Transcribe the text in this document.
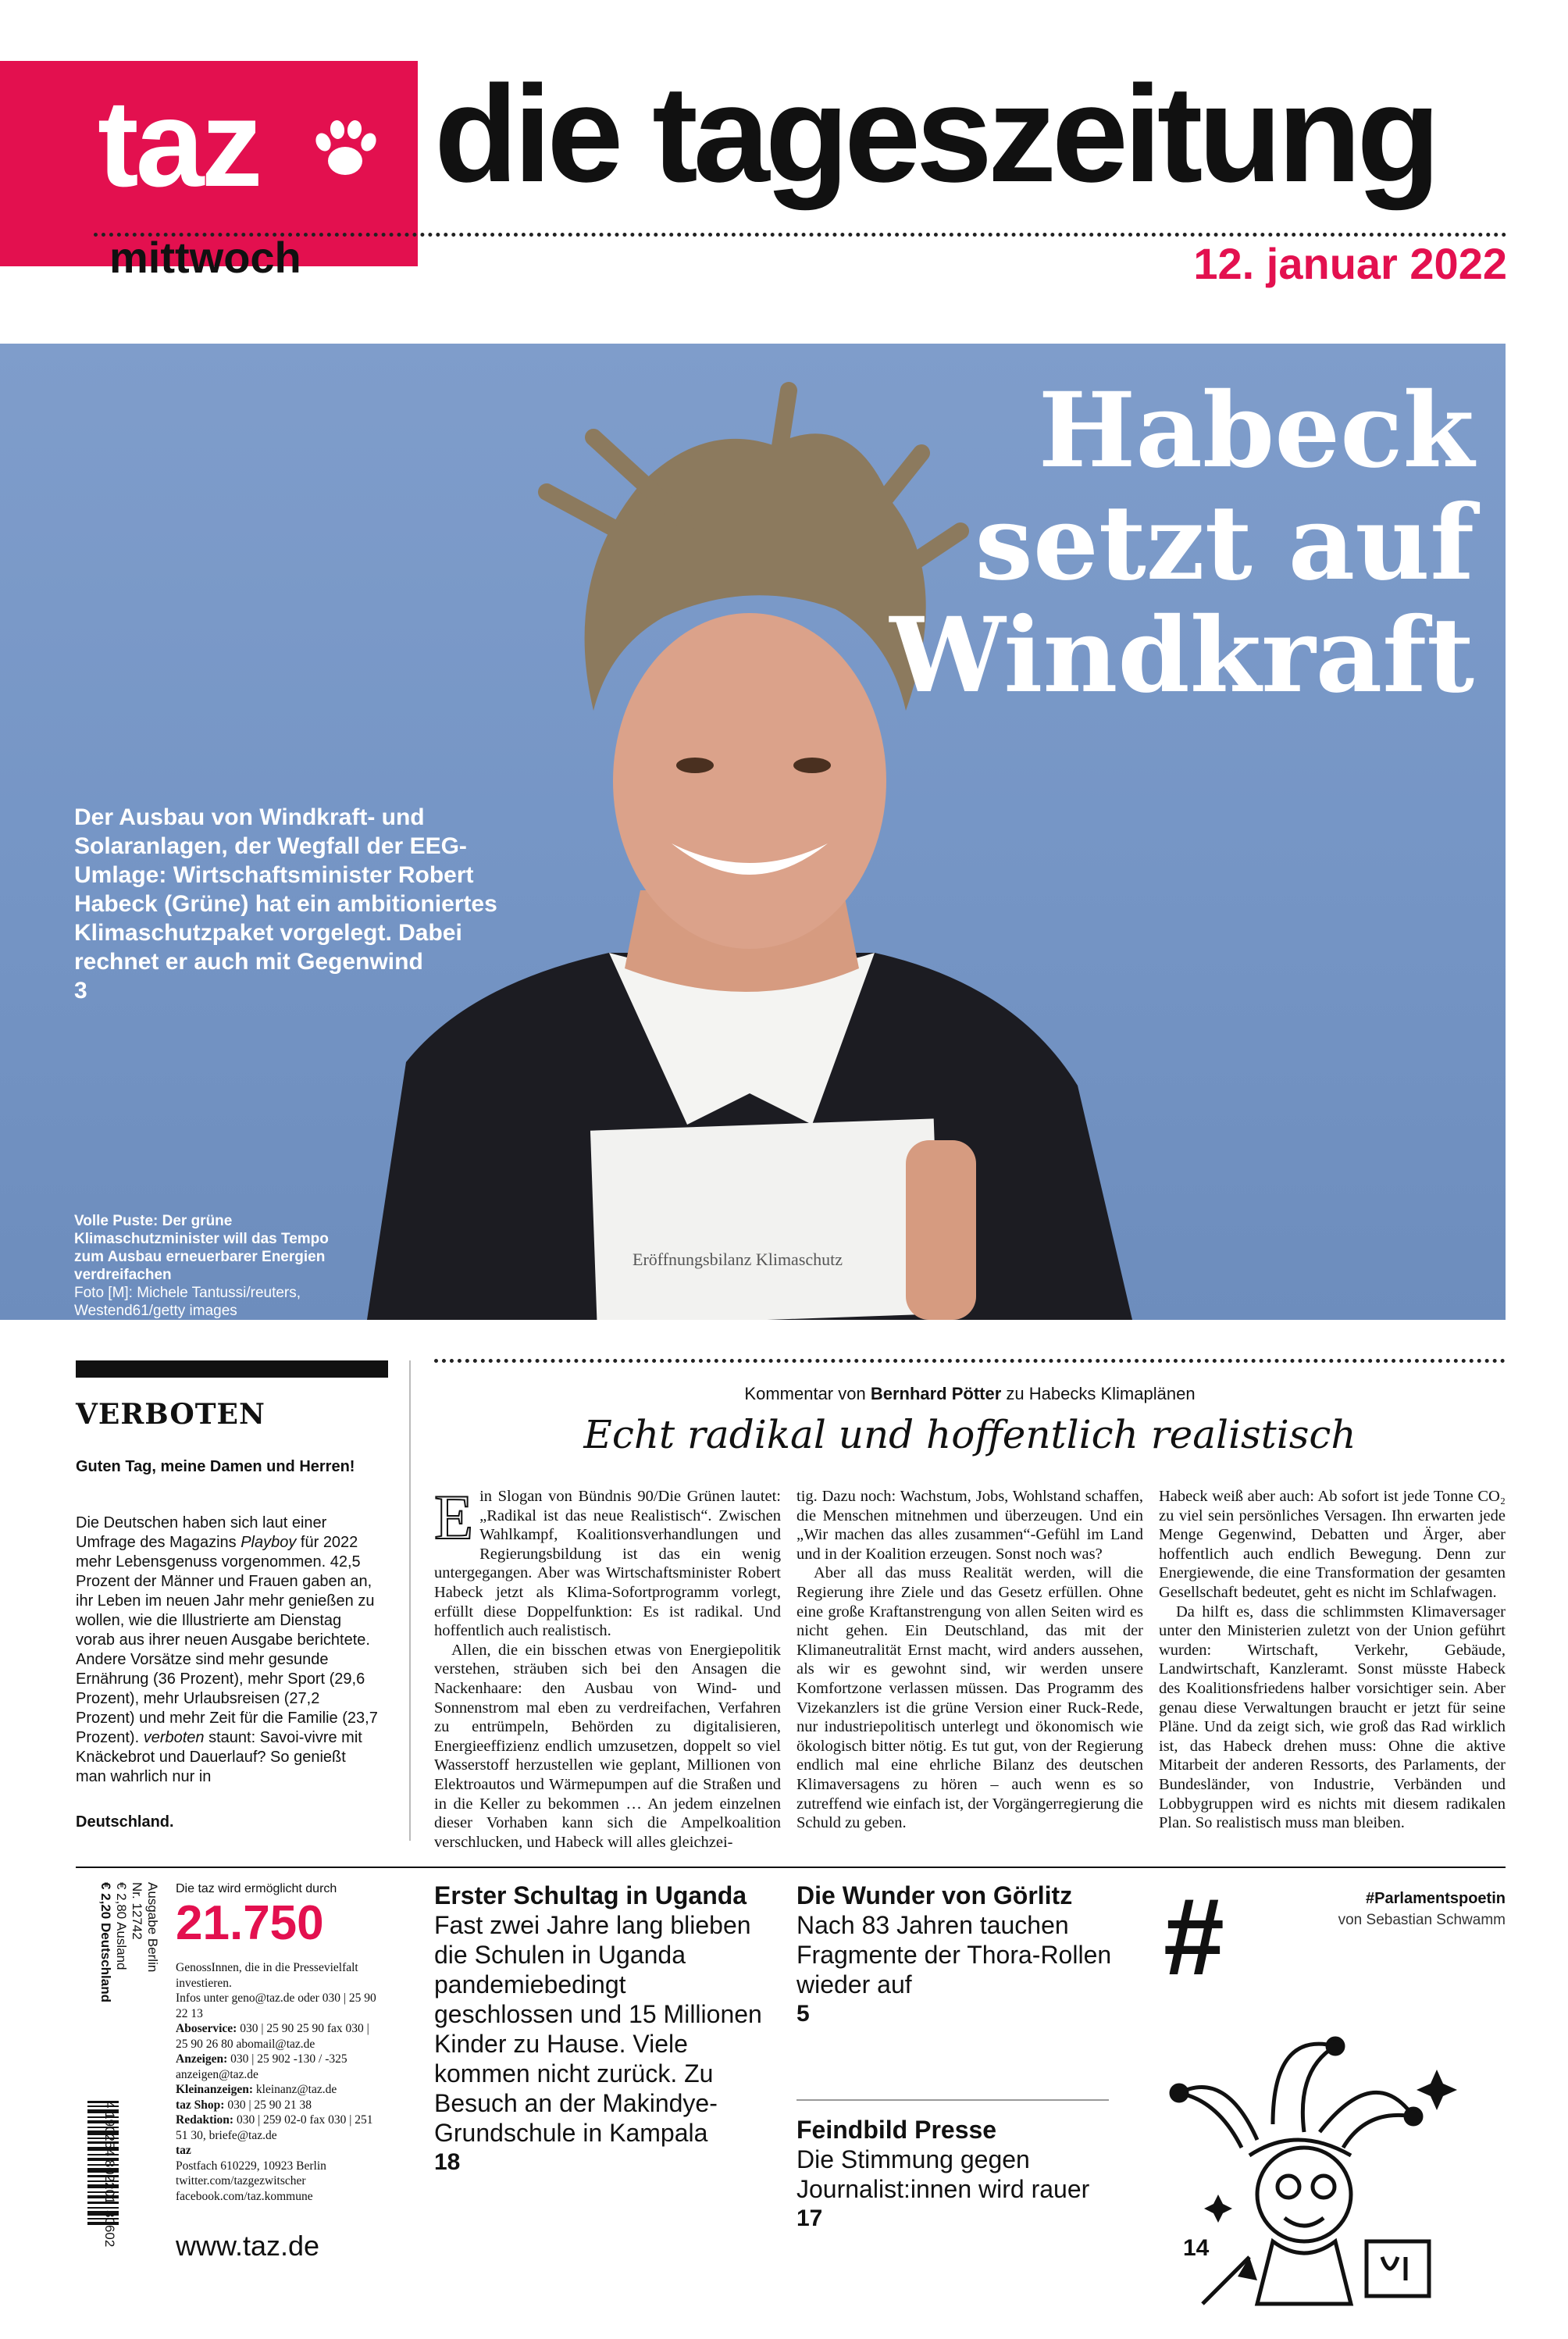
taz
mittwoch
die tageszeitung
12. januar 2022
Eröffnungsbilanz Klimaschutz
Habeck
setzt auf
Windkraft
Der Ausbau von Windkraft- und Solaranlagen, der Wegfall der EEG-Umlage: Wirtschaftsminister Robert Habeck (Grüne) hat ein ambitioniertes Klimaschutzpaket vorgelegt. Dabei rechnet er auch mit Gegenwind
3
Volle Puste: Der grüne Klimaschutzminister will das Tempo zum Ausbau erneuerbarer Energien verdreifachen
Foto [M]: Michele Tantussi/reuters, Westend61/getty images
VERBOTEN
Guten Tag, meine Damen und Herren!
Die Deutschen haben sich laut einer Umfrage des Magazins Playboy für 2022 mehr Lebensgenuss vorgenommen. 42,5 Prozent der Männer und Frauen gaben an, ihr Leben im neuen Jahr mehr genießen zu wollen, wie die Illustrierte am Dienstag vorab aus ihrer neuen Ausgabe berichtete. Andere Vorsätze sind mehr gesunde Ernährung (36 Prozent), mehr Sport (29,6 Prozent), mehr Urlaubsreisen (27,2 Prozent) und mehr Zeit für die Familie (23,7 Prozent). verboten staunt: Savoi-vivre mit Knäckebrot und Dauerlauf? So genießt man wahrlich nur in
Deutschland.
Kommentar von Bernhard Pötter zu Habecks Klimaplänen
Echt radikal und hoffentlich realistisch

Ein Slogan von Bündnis 90/Die Grünen lautet: „Radikal ist das neue Realistisch“. Zwischen Wahlkampf, Koalitionsverhandlungen und Regierungsbildung ist das ein wenig untergegangen. Aber was Wirtschaftsminister Robert Habeck jetzt als Klima-Sofortprogramm vorlegt, erfüllt diese Doppelfunktion: Es ist radikal. Und hoffentlich auch realistisch.

Allen, die ein bisschen etwas von Energiepolitik verstehen, sträuben sich bei den Ansagen die Nackenhaare: den Ausbau von Wind- und Sonnenstrom mal eben zu verdreifachen, Verfahren zu entrümpeln, Behörden zu digitalisieren, Energieeffizienz endlich umzusetzen, doppelt so viel Wasserstoff herzustellen wie geplant, Millionen von Elektroautos und Wärmepumpen auf die Straßen und in die Keller zu bekommen … An jedem einzelnen dieser Vorhaben kann sich die Ampelkoalition verschlucken, und Habeck will alles gleichzei-

tig. Dazu noch: Wachstum, Jobs, Wohlstand schaffen, die Menschen mitnehmen und überzeugen. Und ein „Wir machen das alles zusammen“-Gefühl im Land und in der Koalition erzeugen. Sonst noch was?

Aber all das muss Realität werden, will die Regierung ihre Ziele und das Gesetz erfüllen. Ohne eine große Kraftanstrengung von allen Seiten wird es nicht gehen. Ein Deutschland, das mit der Klimaneutralität Ernst macht, wird anders aussehen, als wir es gewohnt sind, wir werden unsere Komfortzone verlassen müssen. Das Programm des Vizekanzlers ist die grüne Version einer Ruck-Rede, nur industriepolitisch unterlegt und ökonomisch wie ökologisch bitter nötig. Es tut gut, von der Regierung endlich mal eine ehrliche Bilanz des deutschen Klimaversagens zu hören – auch wenn es so zutreffend wie einfach ist, der Vorgängerregierung die Schuld zu geben.

Habeck weiß aber auch: Ab sofort ist jede Tonne CO₂ zu viel sein persönliches Versagen. Ihn erwarten jede Menge Gegenwind, Debatten und Ärger, aber hoffentlich auch endlich Bewegung. Denn zur Energiewende, die eine Transformation der gesamten Gesellschaft bedeutet, geht es nicht im Schlafwagen.

Da hilft es, dass die schlimmsten Klimaversager unter den Ministerien zuletzt von der Union geführt wurden: Wirtschaft, Verkehr, Gebäude, Landwirtschaft, Kanzleramt. Sonst müsste Habeck des Koalitionsfriedens halber vorsichtiger sein. Aber genau diese Verwaltungen braucht er jetzt für seine Pläne. Und da zeigt sich, wie groß das Rad wirklich ist, das Habeck drehen muss: Ohne die aktive Mitarbeit der anderen Ressorts, des Parlaments, der Bundesländer, von Industrie, Verbänden und Lobbygruppen wird es nichts mit diesem radikalen Plan. So realistisch muss man bleiben.

4 190254 802201
30602
Ausgabe Berlin
Nr. 12742
€ 2,80 Ausland
€ 2,20 Deutschland	Die taz wird ermöglicht durch
21.750
GenossInnen, die in die Pressevielfalt investieren.
Infos unter geno@taz.de oder 030 | 25 90 22 13
Aboservice: 030 | 25 90 25 90 fax 030 | 25 90 26 80 abomail@taz.de
Anzeigen: 030 | 25 902 -130 / -325 anzeigen@taz.de
Kleinanzeigen: kleinanz@taz.de
taz Shop: 030 | 25 90 21 38
Redaktion: 030 | 259 02-0 fax 030 | 251 51 30, briefe@taz.de
taz
Postfach 610229, 10923 Berlin twitter.com/tazgezwitscher facebook.com/taz.kommune
www.taz.de
Erster Schultag in Uganda
Fast zwei Jahre lang blieben die Schulen in Uganda pandemiebedingt geschlossen und 15 Millionen Kinder zu Hause. Viele kommen nicht zurück. Zu Besuch an der Makindye-Grundschule in Kampala
18
Die Wunder von Görlitz
Nach 83 Jahren tauchen Fragmente der Thora-Rollen wieder auf
5
Feindbild Presse
Die Stimmung gegen Journalist:innen wird rauer
17
#	#Parlamentspoetin
von Sebastian Schwamm
14
